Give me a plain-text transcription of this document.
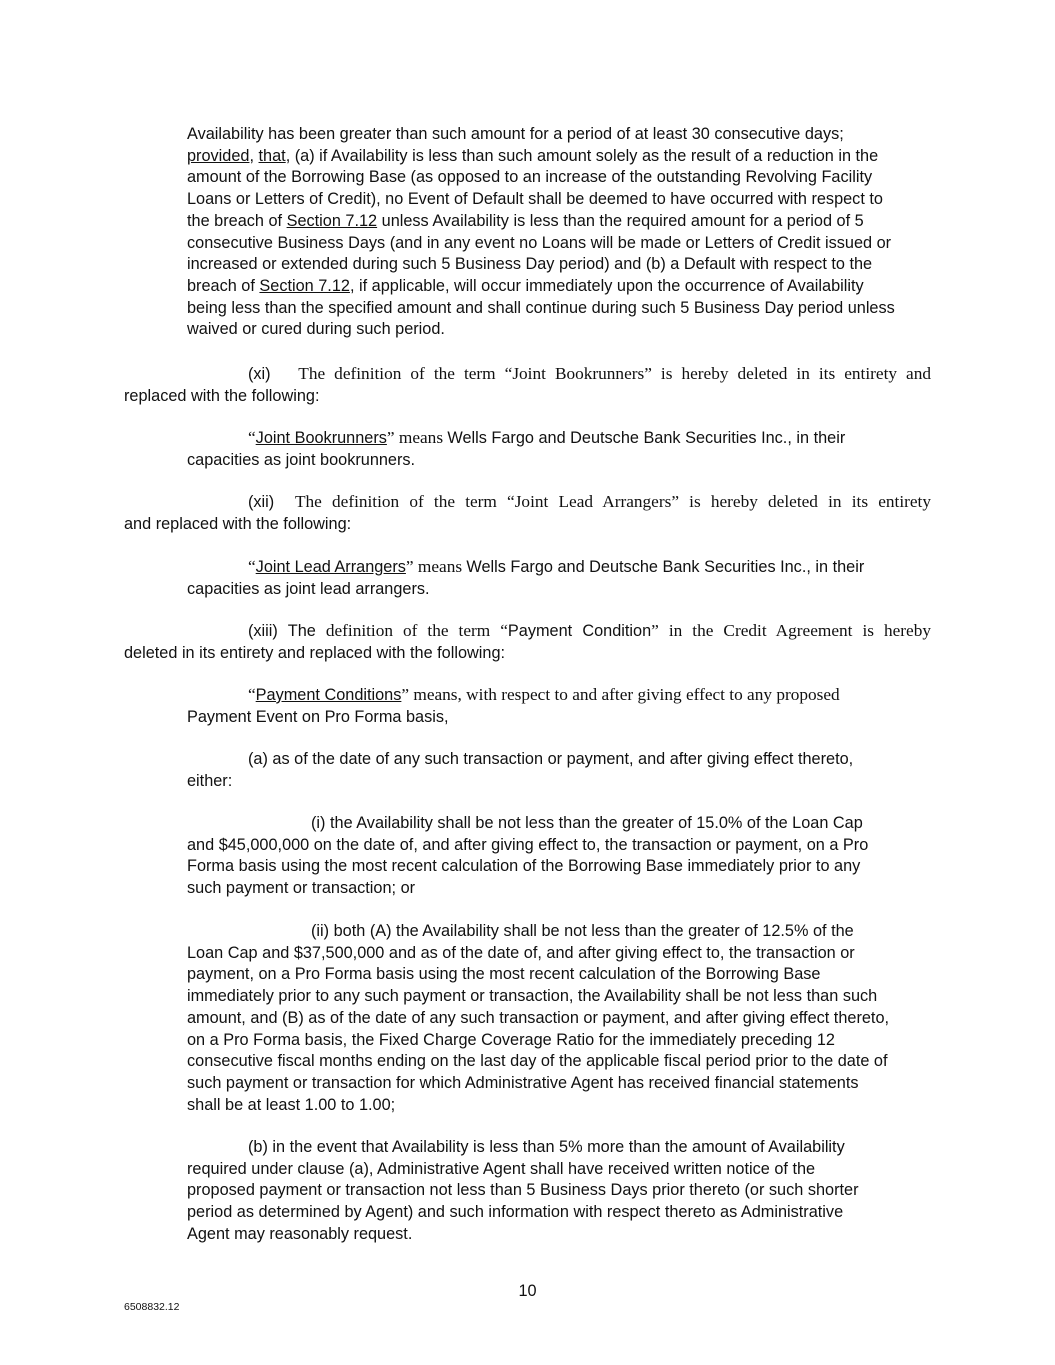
Availability has been greater than such amount for a period of at least 30 consecutive days;
provided, that, (a) if Availability is less than such amount solely as the result of a reduction in the
amount of the Borrowing Base (as opposed to an increase of the outstanding Revolving Facility
Loans or Letters of Credit), no Event of Default shall be deemed to have occurred with respect to
the breach of Section 7.12 unless Availability is less than the required amount for a period of 5
consecutive Business Days (and in any event no Loans will be made or Letters of Credit issued or
increased or extended during such 5 Business Day period) and (b) a Default with respect to the
breach of Section 7.12, if applicable, will occur immediately upon the occurrence of Availability
being less than the specified amount and shall continue during such 5 Business Day period unless
waived or cured during such period.
(xi) The definition of the term “Joint Bookrunners” is hereby deleted in its entirety and
replaced with the following:
“Joint Bookrunners” means Wells Fargo and Deutsche Bank Securities Inc., in their
capacities as joint bookrunners.
(xii) The definition of the term “Joint Lead Arrangers” is hereby deleted in its entirety
and replaced with the following:
“Joint Lead Arrangers” means Wells Fargo and Deutsche Bank Securities Inc., in their
capacities as joint lead arrangers.
(xiii) The definition of the term “Payment Condition” in the Credit Agreement is hereby
deleted in its entirety and replaced with the following:
“Payment Conditions” means, with respect to and after giving effect to any proposed
Payment Event on Pro Forma basis,
(a) as of the date of any such transaction or payment, and after giving effect thereto,
either:
(i) the Availability shall be not less than the greater of 15.0% of the Loan Cap
and $45,000,000 on the date of, and after giving effect to, the transaction or payment, on a Pro
Forma basis using the most recent calculation of the Borrowing Base immediately prior to any
such payment or transaction; or
(ii) both (A) the Availability shall be not less than the greater of 12.5% of the
Loan Cap and $37,500,000 and as of the date of, and after giving effect to, the transaction or
payment, on a Pro Forma basis using the most recent calculation of the Borrowing Base
immediately prior to any such payment or transaction, the Availability shall be not less than such
amount, and (B) as of the date of any such transaction or payment, and after giving effect thereto,
on a Pro Forma basis, the Fixed Charge Coverage Ratio for the immediately preceding 12
consecutive fiscal months ending on the last day of the applicable fiscal period prior to the date of
such payment or transaction for which Administrative Agent has received financial statements
shall be at least 1.00 to 1.00;
(b) in the event that Availability is less than 5% more than the amount of Availability
required under clause (a), Administrative Agent shall have received written notice of the
proposed payment or transaction not less than 5 Business Days prior thereto (or such shorter
period as determined by Agent) and such information with respect thereto as Administrative
Agent may reasonably request.
10
6508832.12
